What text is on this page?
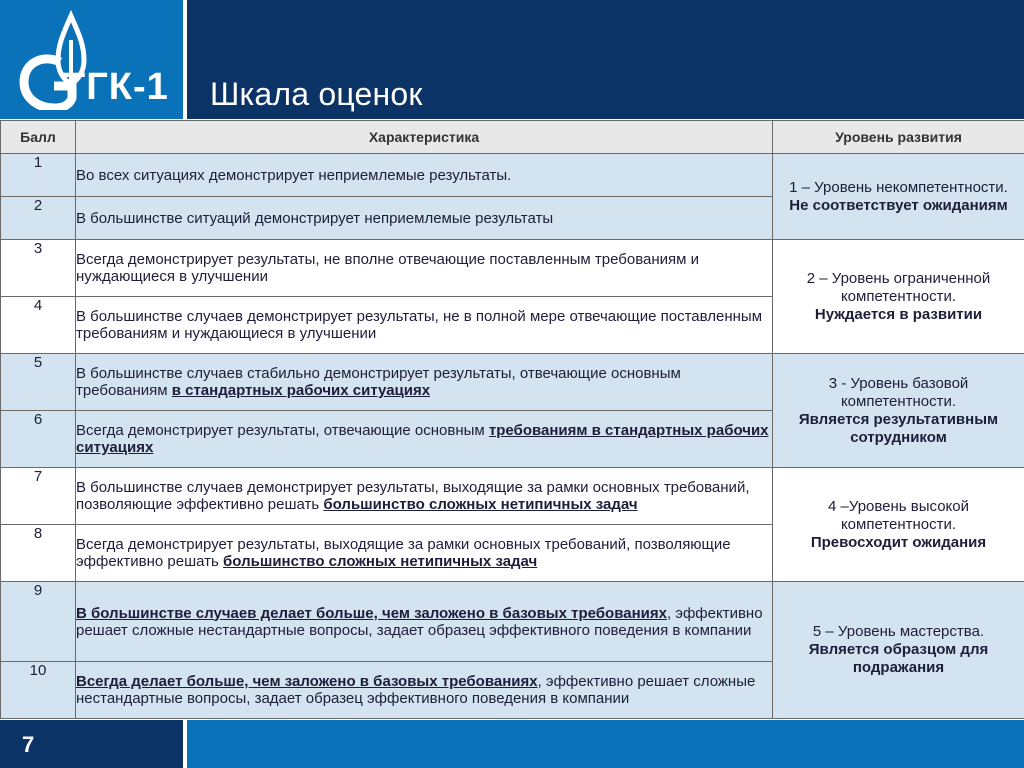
ТГК-1 Шкала оценок
Балл	Характеристика	Уровень развития
1	Во всех ситуациях демонстрирует неприемлемые результаты.	1 – Уровень некомпетентности.
Не соответствует ожиданиям

2	В большинстве ситуаций демонстрирует неприемлемые результаты	
3	Всегда демонстрирует результаты, не вполне отвечающие поставленным требованиям и нуждающиеся в улучшении	2 – Уровень ограниченной компетентности.
Нуждается в развитии

4	В большинстве случаев демонстрирует результаты, не в полной мере отвечающие поставленным требованиям и нуждающиеся в улучшении	
5	В большинстве случаев стабильно демонстрирует результаты, отвечающие основным требованиям в стандартных рабочих ситуациях	3 - Уровень базовой компетентности.
Является результативным сотрудником

6	Всегда демонстрирует результаты, отвечающие основным требованиям в стандартных рабочих ситуациях	
7	В большинстве случаев демонстрирует результаты, выходящие за рамки основных требований, позволяющие эффективно решать большинство сложных нетипичных задач	4 –Уровень высокой компетентности.
Превосходит ожидания

8	Всегда демонстрирует результаты, выходящие за рамки основных требований, позволяющие эффективно решать большинство сложных нетипичных задач	
9	В большинстве случаев делает больше, чем заложено в базовых требованиях, эффективно решает сложные нестандартные вопросы, задает образец эффективного поведения в компании	5 – Уровень мастерства.
Является образцом для подражания

10	Всегда делает больше, чем заложено в базовых требованиях, эффективно решает сложные нестандартные вопросы, задает образец эффективного поведения в компании	
7
